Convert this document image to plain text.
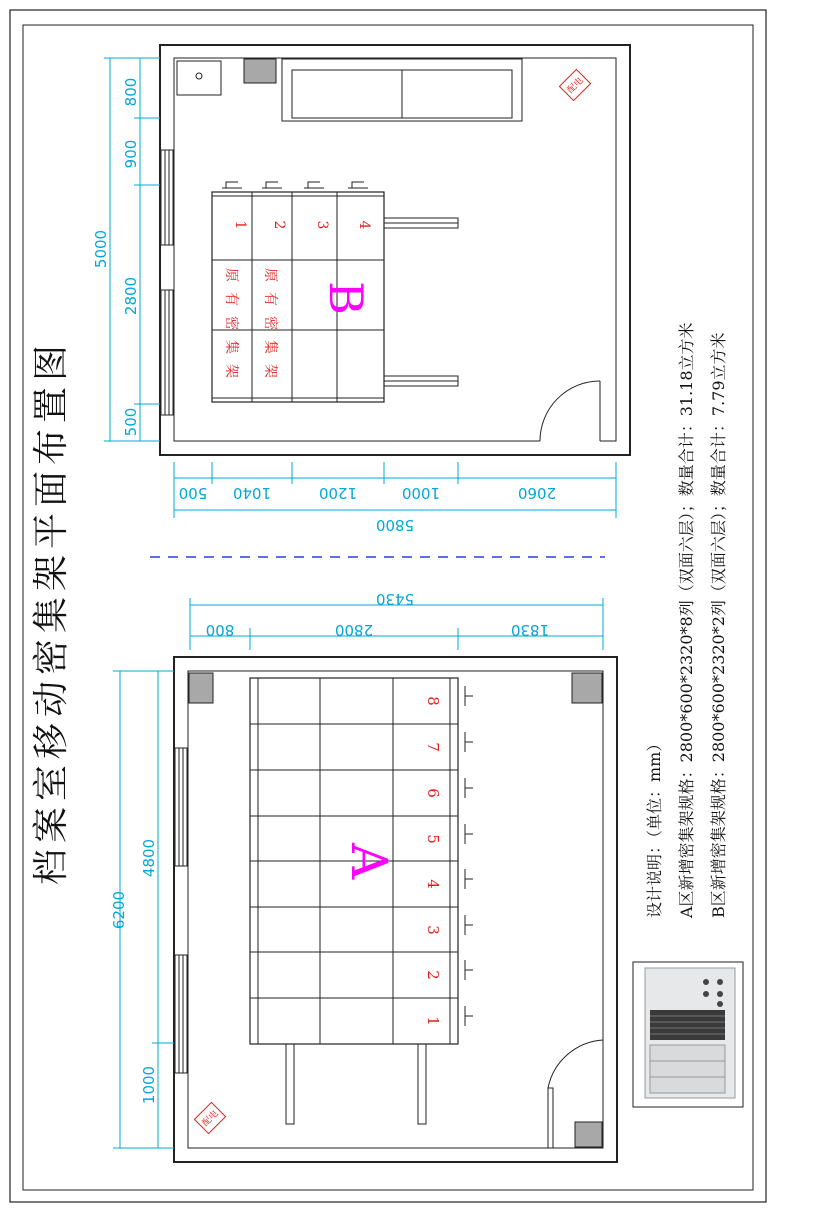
1 2 3 4
原有密集架 原有密集架 B
5000
800
900
2800
500
500 1040	1200	1000	2060
5800
5430
800	2800	1830
8
7
6
5
4
3
2
1
A
6200
4800
1000
配电
配电
档案室移动密集架平面布置图	设计说明：（单位：mm） A区新增密集架规格：2800*600*2320*8列（双面六层）；数量合计：31.18立方米 B区新增密集架规格：2800*600*2320*2列（双面六层）；数量合计：7.79立方米
